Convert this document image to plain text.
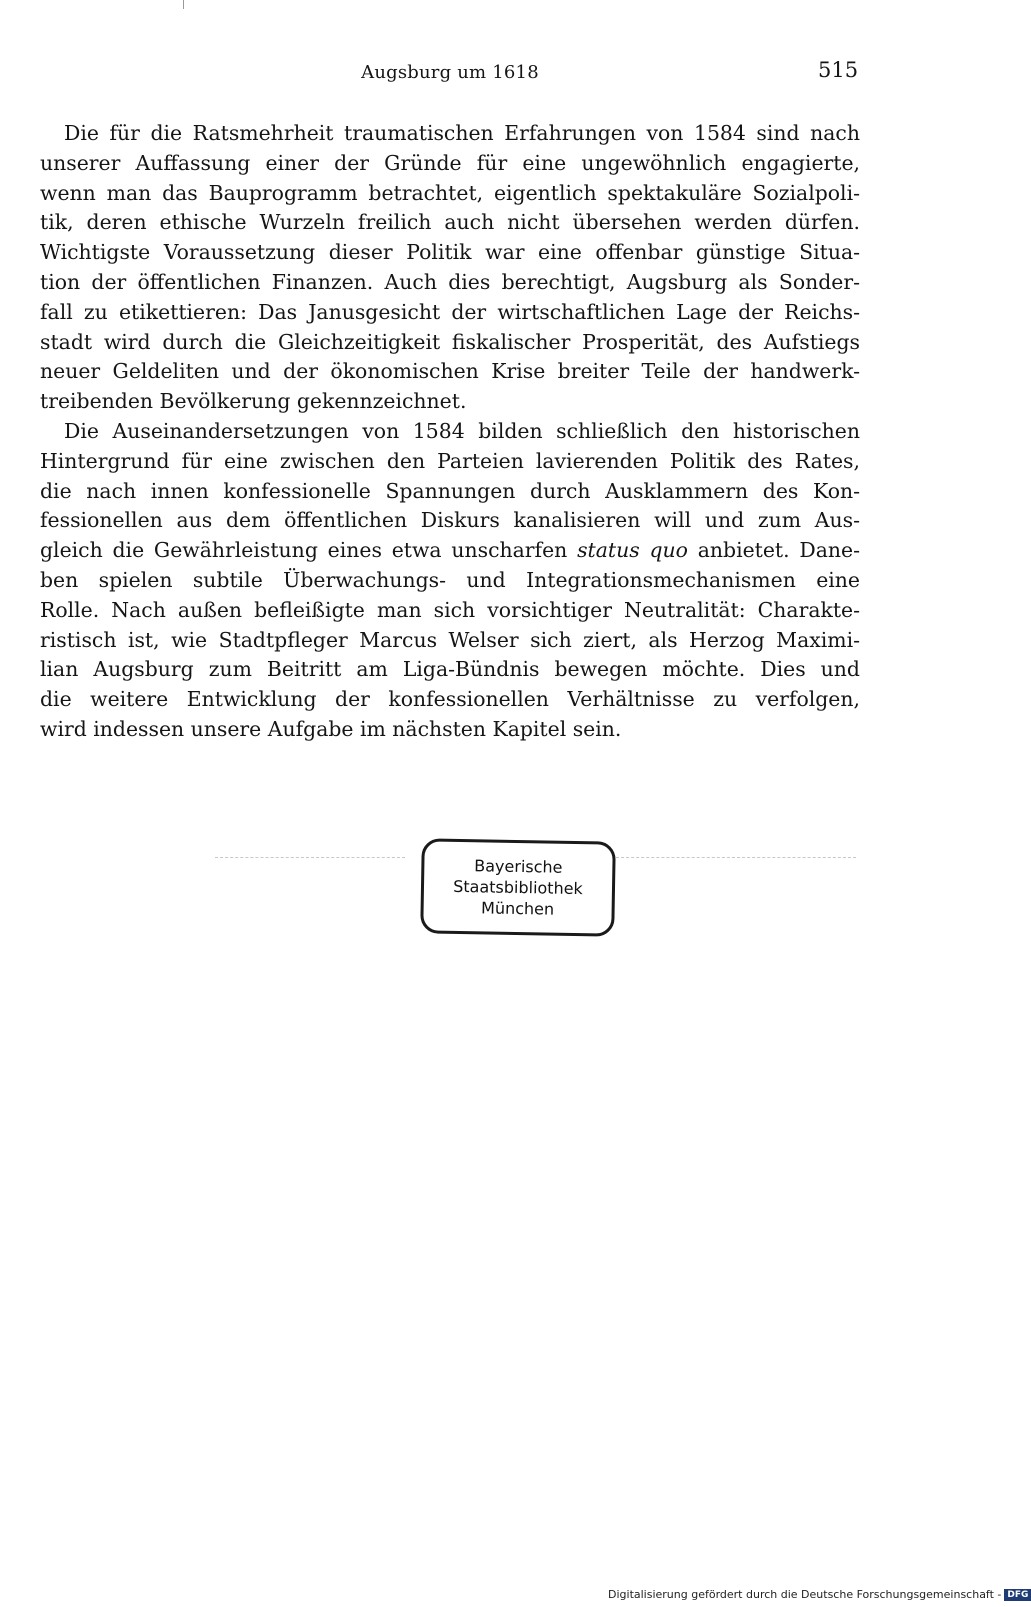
Augsburg um 1618	515
Die für die Ratsmehrheit traumatischen Erfahrungen von 1584 sind nach
unserer Auffassung einer der Gründe für eine ungewöhnlich engagierte,
wenn man das Bauprogramm betrachtet, eigentlich spektakuläre Sozialpoli-
tik, deren ethische Wurzeln freilich auch nicht übersehen werden dürfen.
Wichtigste Voraussetzung dieser Politik war eine offenbar günstige Situa-
tion der öffentlichen Finanzen. Auch dies berechtigt, Augsburg als Sonder-
fall zu etikettieren: Das Janusgesicht der wirtschaftlichen Lage der Reichs-
stadt wird durch die Gleichzeitigkeit fiskalischer Prosperität, des Aufstiegs
neuer Geldeliten und der ökonomischen Krise breiter Teile der handwerk-
treibenden Bevölkerung gekennzeichnet.
Die Auseinandersetzungen von 1584 bilden schließlich den historischen
Hintergrund für eine zwischen den Parteien lavierenden Politik des Rates,
die nach innen konfessionelle Spannungen durch Ausklammern des Kon-
fessionellen aus dem öffentlichen Diskurs kanalisieren will und zum Aus-
gleich die Gewährleistung eines etwa unscharfen status quo anbietet. Dane-
ben spielen subtile Überwachungs- und Integrationsmechanismen eine
Rolle. Nach außen befleißigte man sich vorsichtiger Neutralität: Charakte-
ristisch ist, wie Stadtpfleger Marcus Welser sich ziert, als Herzog Maximi-
lian Augsburg zum Beitritt am Liga-Bündnis bewegen möchte. Dies und
die weitere Entwicklung der konfessionellen Verhältnisse zu verfolgen,
wird indessen unsere Aufgabe im nächsten Kapitel sein.
Bayerische
Staatsbibliothek
München
Digitalisierung gefördert durch die Deutsche Forschungsgemeinschaft - DFG
